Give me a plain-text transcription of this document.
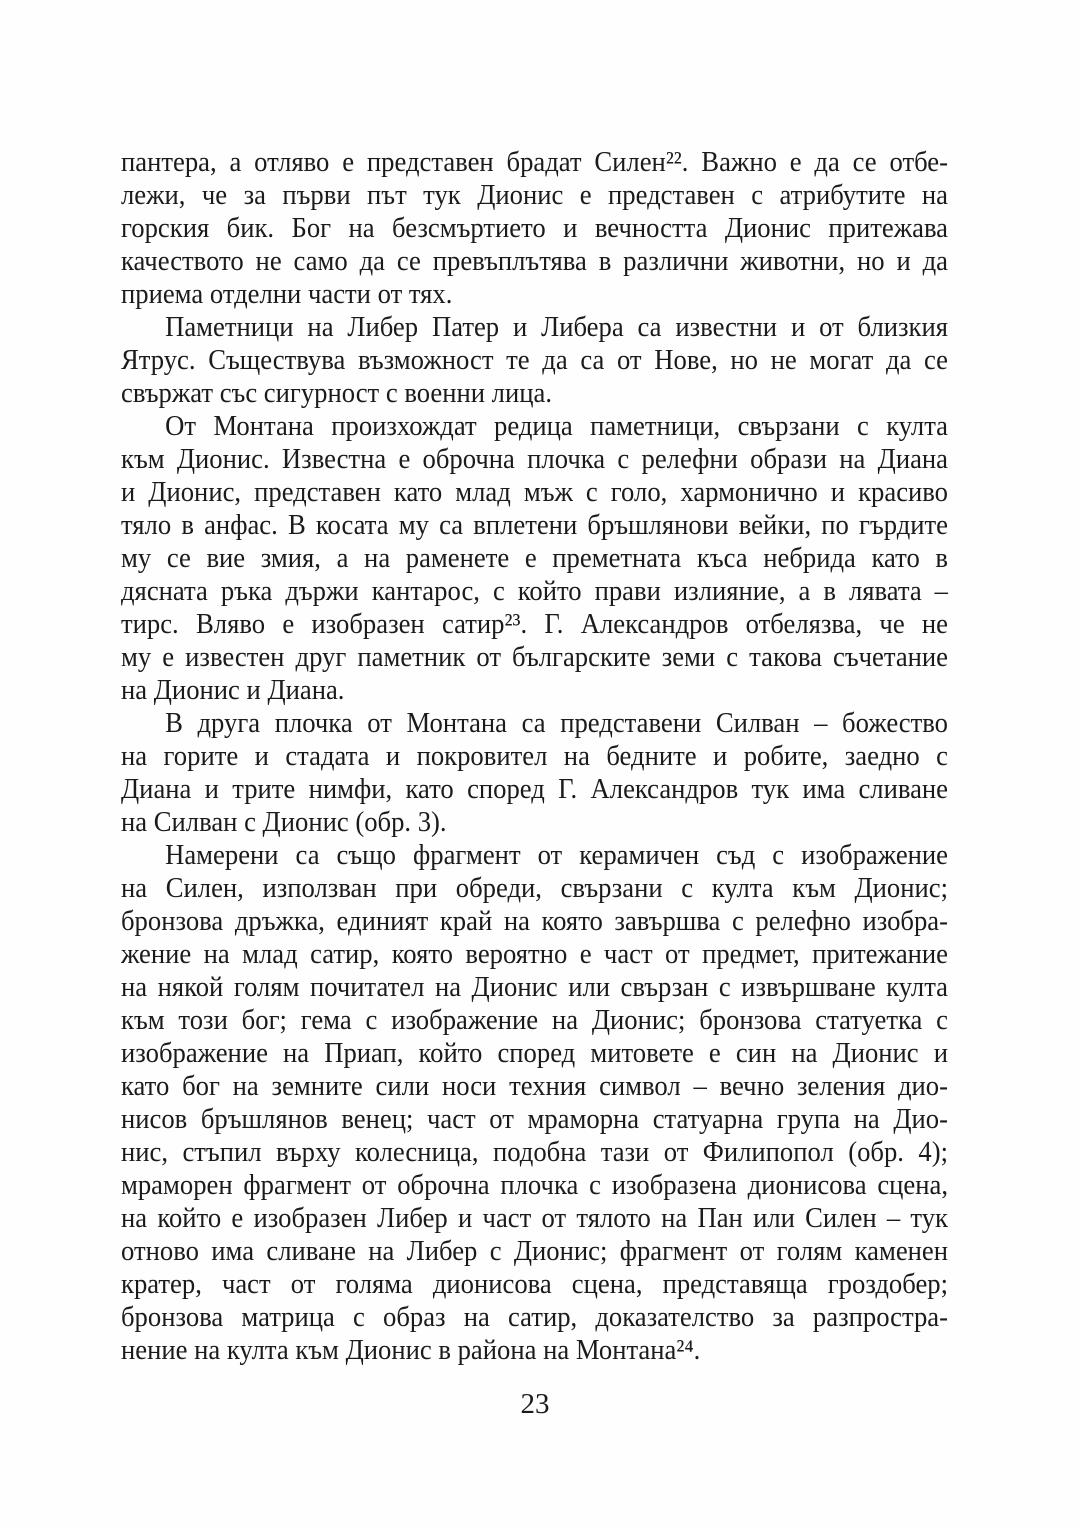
пантера, а отляво е представен брадат Силен²². Важно е да се отбе-
лежи, че за първи път тук Дионис е представен с атрибутите на
горския бик. Бог на безсмъртието и вечността Дионис притежава
качеството не само да се превъплътява в различни животни, но и да
приема отделни части от тях.
Паметници на Либер Патер и Либера са известни и от близкия
Ятрус. Съществува възможност те да са от Нове, но не могат да се
свържат със сигурност с военни лица.
От Монтана произхождат редица паметници, свързани с култа
към Дионис. Известна е оброчна плочка с релефни образи на Диана
и Дионис, представен като млад мъж с голо, хармонично и красиво
тяло в анфас. В косата му са вплетени бръшлянови вейки, по гърдите
му се вие змия, а на раменете е преметната къса небрида като в
дясната ръка държи кантарос, с който прави излияние, а в лявата –
тирс. Вляво е изобразен сатир²³. Г. Александров отбелязва, че не
му е известен друг паметник от българските земи с такова съчетание
на Дионис и Диана.
В друга плочка от Монтана са представени Силван – божество
на горите и стадата и покровител на бедните и робите, заедно с
Диана и трите нимфи, като според Г. Александров тук има сливане
на Силван с Дионис (обр. 3).
Намерени са също фрагмент от керамичен съд с изображение
на Силен, използван при обреди, свързани с култа към Дионис;
бронзова дръжка, единият край на която завършва с релефно изобра-
жение на млад сатир, която вероятно е част от предмет, притежание
на някой голям почитател на Дионис или свързан с извършване култа
към този бог; гема с изображение на Дионис; бронзова статуетка с
изображение на Приап, който според митовете е син на Дионис и
като бог на земните сили носи техния символ – вечно зеления дио-
нисов бръшлянов венец; част от мраморна статуарна група на Дио-
нис, стъпил върху колесница, подобна тази от Филипопол (обр. 4);
мраморен фрагмент от оброчна плочка с изобразена дионисова сцена,
на който е изобразен Либер и част от тялото на Пан или Силен – тук
отново има сливане на Либер с Дионис; фрагмент от голям каменен
кратер, част от голяма дионисова сцена, представяща гроздобер;
бронзова матрица с образ на сатир, доказателство за разпростра-
нение на култа към Дионис в района на Монтана²⁴.
23
